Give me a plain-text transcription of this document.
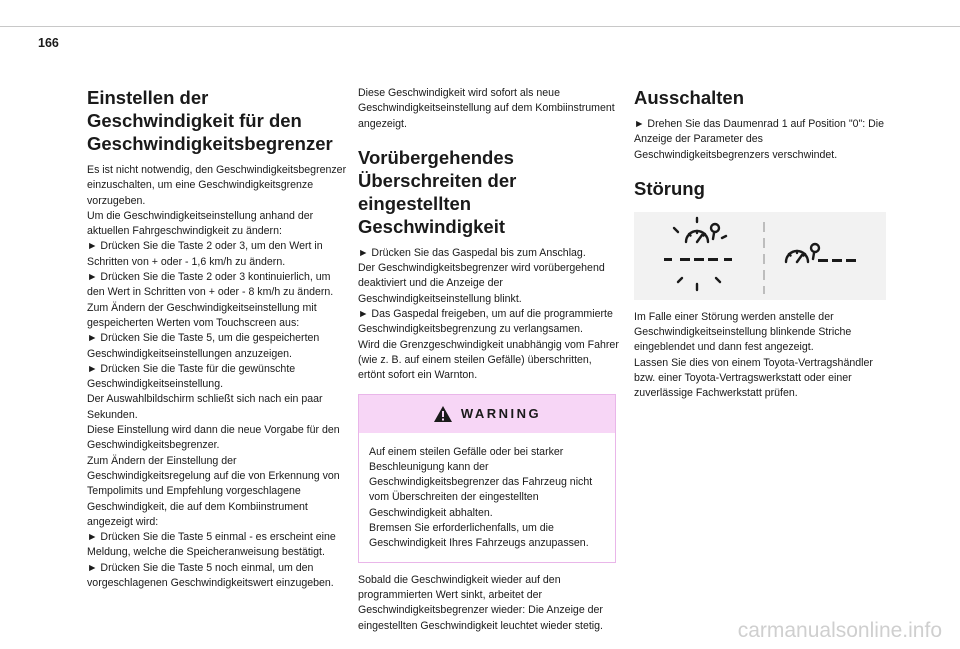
166
Einstellen der Geschwindigkeit für den Geschwindigkeitsbegrenzer

Es ist nicht notwendig, den Geschwindigkeitsbegrenzer einzuschalten, um eine Geschwindigkeitsgrenze vorzugeben.

Um die Geschwindigkeitseinstellung anhand der aktuellen Fahrgeschwindigkeit zu ändern:

► Drücken Sie die Taste 2 oder 3, um den Wert in Schritten von + oder - 1,6 km/h zu ändern.

► Drücken Sie die Taste 2 oder 3 kontinuierlich, um den Wert in Schritten von + oder - 8 km/h zu ändern.

Zum Ändern der Geschwindigkeitseinstellung mit gespeicherten Werten vom Touchscreen aus:

► Drücken Sie die Taste 5, um die gespeicherten Geschwindigkeitseinstellungen anzuzeigen.

► Drücken Sie die Taste für die gewünschte Geschwindigkeitseinstellung.

Der Auswahlbildschirm schließt sich nach ein paar Sekunden.

Diese Einstellung wird dann die neue Vorgabe für den Geschwindigkeitsbegrenzer.

Zum Ändern der Einstellung der Geschwindigkeitsregelung auf die von Erkennung von Tempolimits und Empfehlung vorgeschlagene Geschwindigkeit, die auf dem Kombiinstrument angezeigt wird:

► Drücken Sie die Taste 5 einmal - es erscheint eine Meldung, welche die Speicheranweisung bestätigt.

► Drücken Sie die Taste 5 noch einmal, um den vorgeschlagenen Geschwindigkeitswert einzugeben.

Diese Geschwindigkeit wird sofort als neue Geschwindigkeitseinstellung auf dem Kombiinstrument angezeigt.

Vorübergehendes Überschreiten der eingestellten Geschwindigkeit

► Drücken Sie das Gaspedal bis zum Anschlag.

Der Geschwindigkeitsbegrenzer wird vorübergehend deaktiviert und die Anzeige der Geschwindigkeitseinstellung blinkt.

► Das Gaspedal freigeben, um auf die programmierte Geschwindigkeitsbegrenzung zu verlangsamen.

Wird die Grenzgeschwindigkeit unabhängig vom Fahrer (wie z. B. auf einem steilen Gefälle) überschritten, ertönt sofort ein Warnton.

WARNING

Auf einem steilen Gefälle oder bei starker Beschleunigung kann der Geschwindigkeitsbegrenzer das Fahrzeug nicht vom Überschreiten der eingestellten Geschwindigkeit abhalten.

Bremsen Sie erforderlichenfalls, um die Geschwindigkeit Ihres Fahrzeugs anzupassen.

Sobald die Geschwindigkeit wieder auf den programmierten Wert sinkt, arbeitet der Geschwindigkeitsbegrenzer wieder: Die Anzeige der eingestellten Geschwindigkeit leuchtet wieder stetig.

Ausschalten

► Drehen Sie das Daumenrad 1 auf Position "0": Die Anzeige der Parameter des Geschwindigkeitsbegrenzers verschwindet.

Störung

Im Falle einer Störung werden anstelle der Geschwindigkeitseinstellung blinkende Striche eingeblendet und dann fest angezeigt.

Lassen Sie dies von einem Toyota-Vertragshändler bzw. einer Toyota-Vertragswerkstatt oder einer zuverlässige Fachwerkstatt prüfen.

carmanualsonline.info
